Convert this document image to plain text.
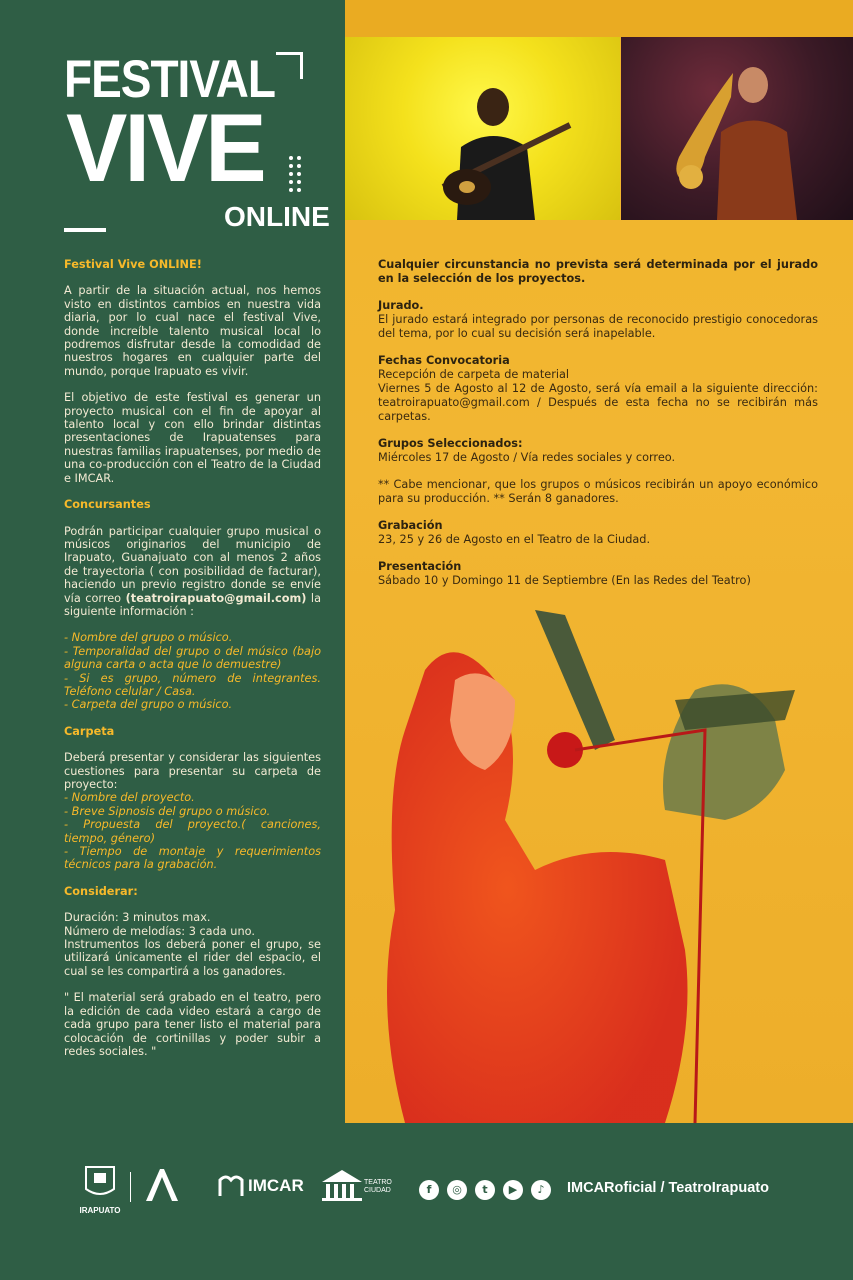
FESTIVAL
VIVE
ONLINE

Festival Vive ONLINE!

A partir de la situación actual, nos hemos visto en distintos cambios en nuestra vida diaria, por lo cual nace el festival Vive, donde increíble talento musical local lo podremos disfrutar desde la comodidad de nuestros hogares en cualquier parte del mundo, porque Irapuato es vivir.

El objetivo de este festival es generar un proyecto musical con el fin de apoyar al talento local y con ello brindar distintas presentaciones de Irapuatenses para nuestras familias irapuatenses, por medio de una co-producción con el Teatro de la Ciudad e IMCAR.

Concursantes

Podrán participar cualquier grupo musical o músicos originarios del municipio de Irapuato, Guanajuato con al menos 2 años de trayectoria ( con posibilidad de facturar), haciendo un previo registro donde se envíe vía correo (teatroirapuato@gmail.com) la siguiente información :

- Nombre del grupo o músico.

- Temporalidad del grupo o del músico (bajo alguna carta o acta que lo demuestre)

- Si es grupo, número de integrantes. Teléfono celular / Casa.

- Carpeta del grupo o músico.

Carpeta

Deberá presentar y considerar las siguientes cuestiones para presentar su carpeta de proyecto:

- Nombre del proyecto.

- Breve Sipnosis del grupo o músico.

- Propuesta del proyecto.( canciones, tiempo, género)

- Tiempo de montaje y requerimientos técnicos para la grabación.

Considerar:

Duración: 3 minutos max.

Número de melodías: 3 cada uno.

Instrumentos los deberá poner el grupo, se utilizará únicamente el rider del espacio, el cual se les compartirá a los ganadores.

" El material será grabado en el teatro, pero la edición de cada video estará a cargo de cada grupo para tener listo el material para colocación de cortinillas y poder subir a redes sociales. "

Cualquier circunstancia no prevista será determinada por el jurado en la selección de los proyectos.

Jurado.

El jurado estará integrado por personas de reconocido prestigio conocedoras del tema, por lo cual su decisión será inapelable.

Fechas Convocatoria

Recepción de carpeta de material

Viernes 5 de Agosto al 12 de Agosto, será vía email a la siguiente dirección: teatroirapuato@gmail.com / Después de esta fecha no se recibirán más carpetas.

Grupos Seleccionados:

Miércoles 17 de Agosto / Vía redes sociales y correo.

** Cabe mencionar, que los grupos o músicos recibirán un apoyo económico para su producción. ** Serán 8 ganadores.

Grabación

23, 25 y 26 de Agosto en el Teatro de la Ciudad.

Presentación

Sábado 10 y Domingo 11 de Septiembre (En las Redes del Teatro)

IRAPUATO
IMCAR	TEATRO CIUDAD	f	◎	t	▶	♪	IMCARoficial / TeatroIrapuato
